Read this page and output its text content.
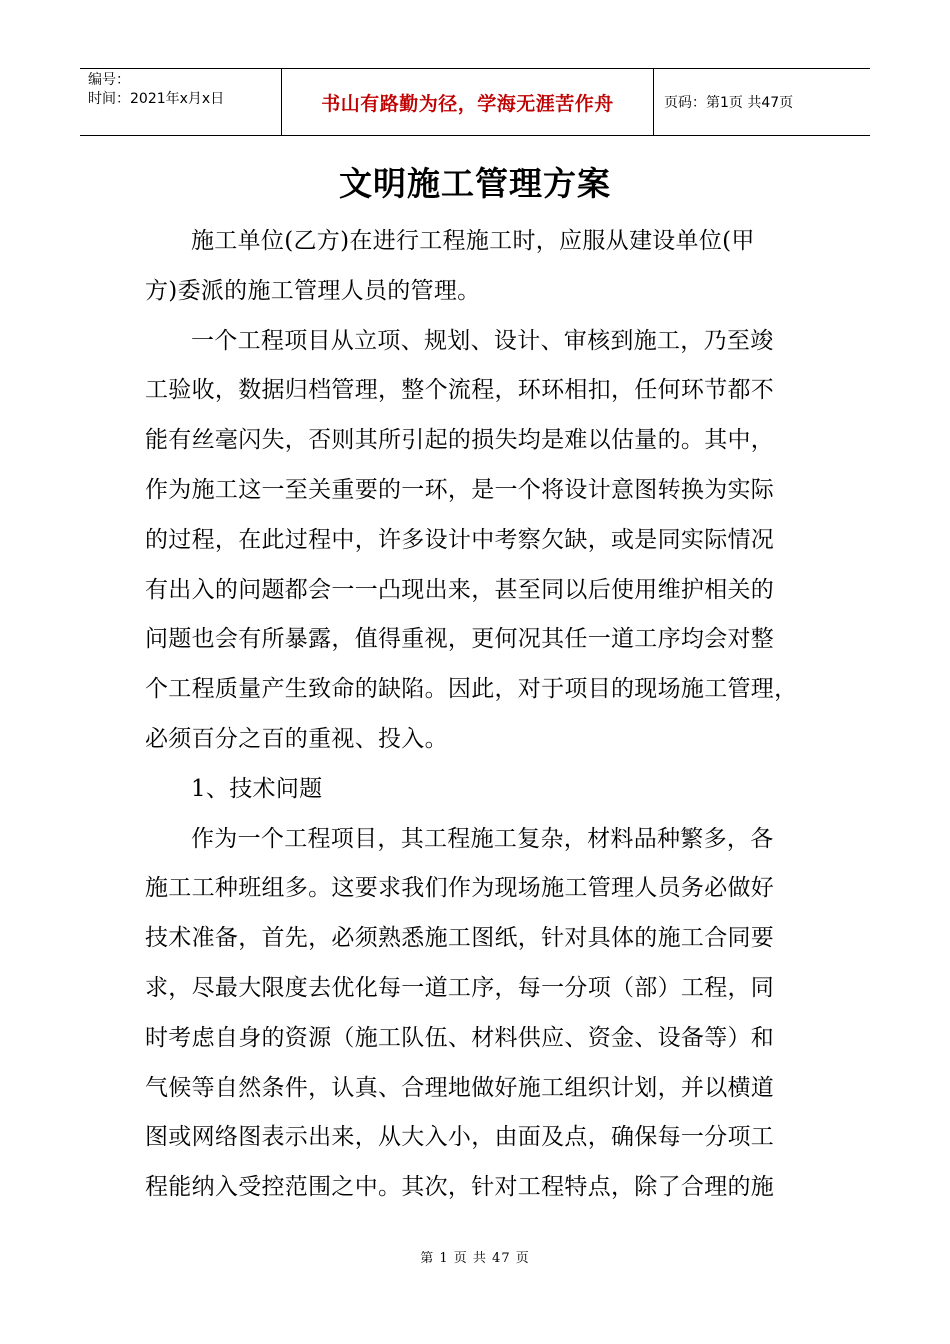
编号：
时间：2021年x月x日	书山有路勤为径，学海无涯苦作舟	页码：第1页 共47页
文明施工管理方案

施工单位(乙方)在进行工程施工时，应服从建设单位(甲
方)委派的施工管理人员的管理。

一个工程项目从立项、规划、设计、审核到施工，乃至竣
工验收，数据归档管理，整个流程，环环相扣，任何环节都不
能有丝毫闪失，否则其所引起的损失均是难以估量的。其中，
作为施工这一至关重要的一环，是一个将设计意图转换为实际
的过程，在此过程中，许多设计中考察欠缺，或是同实际情况
有出入的问题都会一一凸现出来，甚至同以后使用维护相关的
问题也会有所暴露，值得重视，更何况其任一道工序均会对整
个工程质量产生致命的缺陷。因此，对于项目的现场施工管理，
必须百分之百的重视、投入。

1、技术问题

作为一个工程项目，其工程施工复杂，材料品种繁多，各
施工工种班组多。这要求我们作为现场施工管理人员务必做好
技术准备，首先，必须熟悉施工图纸，针对具体的施工合同要
求，尽最大限度去优化每一道工序，每一分项（部）工程，同
时考虑自身的资源（施工队伍、材料供应、资金、设备等）和
气候等自然条件，认真、合理地做好施工组织计划，并以横道
图或网络图表示出来，从大入小，由面及点，确保每一分项工
程能纳入受控范围之中。其次，针对工程特点，除了合理的施

第 1 页 共 47 页
